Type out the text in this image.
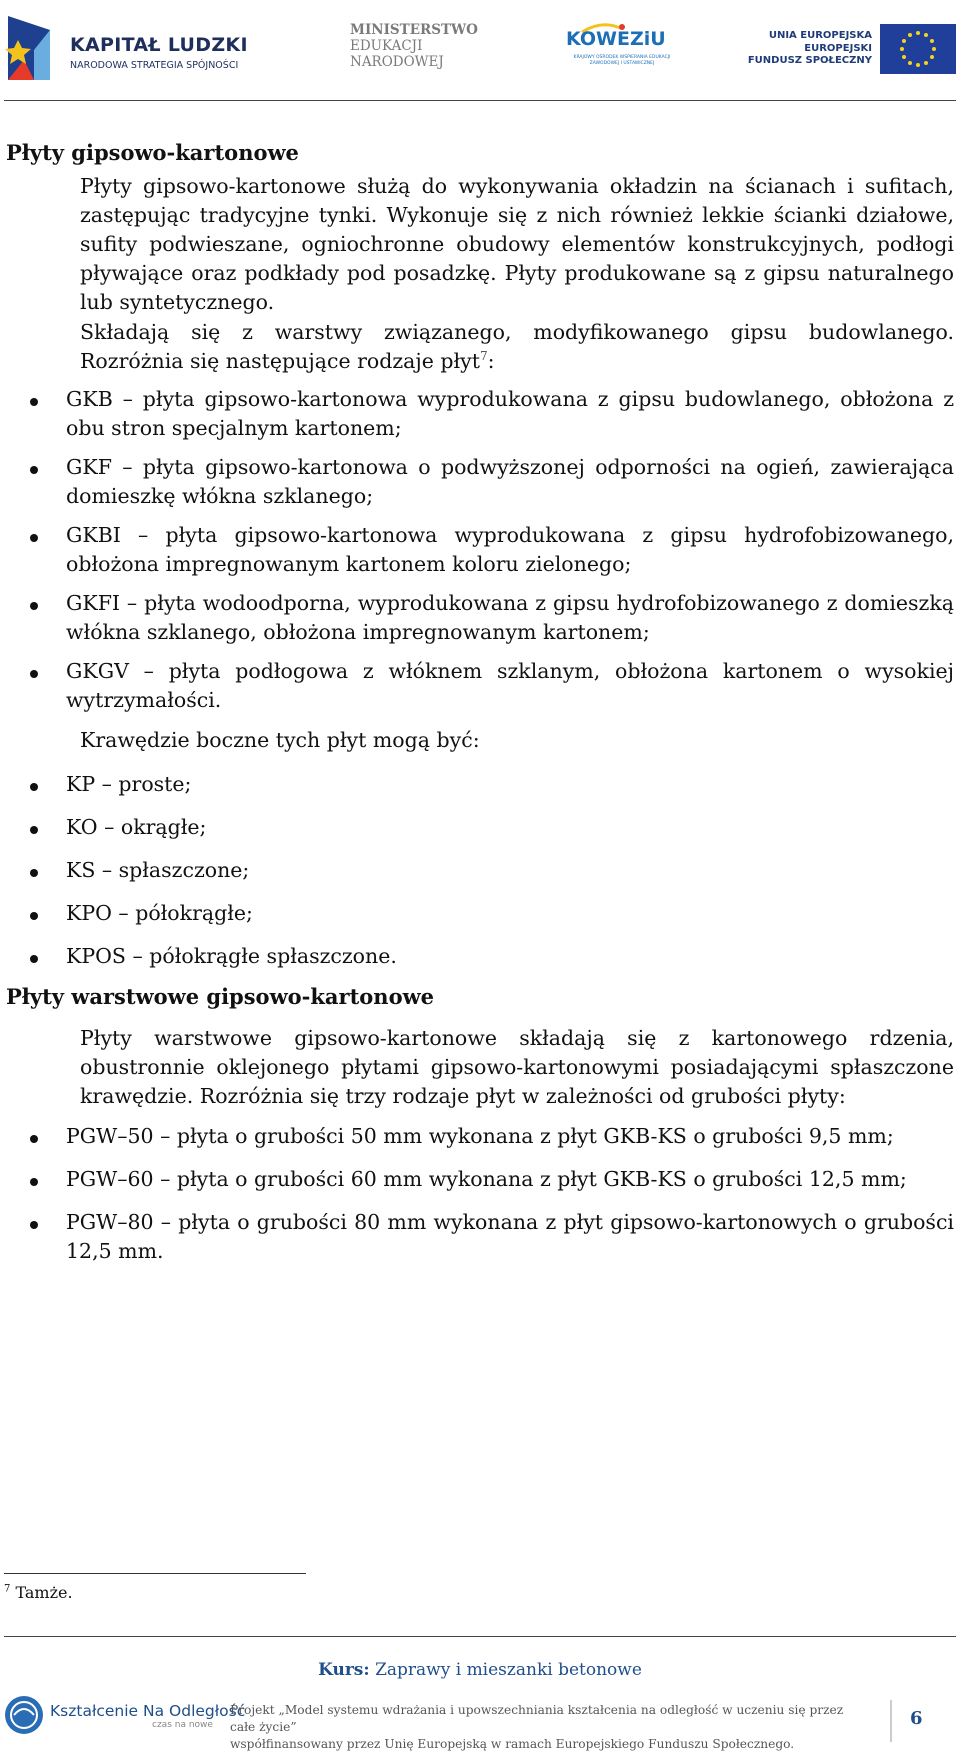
KAPITAŁ LUDZKI
NARODOWA STRATEGIA SPÓJNOŚCI
MINISTERSTWO
EDUKACJI
NARODOWEJ
KOWEZiU
KRAJOWY OŚRODEK WSPIERANIA EDUKACJI ZAWODOWEJ I USTAWICZNEJ
UNIA EUROPEJSKA
EUROPEJSKI
FUNDUSZ SPOŁECZNY
Płyty gipsowo-kartonowe

Płyty gipsowo-kartonowe służą do wykonywania okładzin na ścianach i sufitach, zastępując tradycyjne tynki. Wykonuje się z nich również lekkie ścianki działowe, sufity podwieszane, ogniochronne obudowy elementów konstrukcyjnych, podłogi pływające oraz podkłady pod posadzkę. Płyty produkowane są z gipsu naturalnego lub syntetycznego.

Składają się z warstwy związanego, modyfikowanego gipsu budowlanego. Rozróżnia się następujące rodzaje płyt$^7$:

GKB – płyta gipsowo-kartonowa wyprodukowana z gipsu budowlanego, obłożona z obu stron specjalnym kartonem;
GKF – płyta gipsowo-kartonowa o podwyższonej odporności na ogień, zawierająca domieszkę włókna szklanego;
GKBI – płyta gipsowo-kartonowa wyprodukowana z gipsu hydrofobizowanego, obłożona impregnowanym kartonem koloru zielonego;
GKFI – płyta wodoodporna, wyprodukowana z gipsu hydrofobizowanego z domieszką włókna szklanego, obłożona impregnowanym kartonem;
GKGV – płyta podłogowa z włóknem szklanym, obłożona kartonem o wysokiej wytrzymałości.
Krawędzie boczne tych płyt mogą być:
KP – proste;
KO – okrągłe;
KS – spłaszczone;
KPO – półokrągłe;
KPOS – półokrągłe spłaszczone.
Płyty warstwowe gipsowo-kartonowe

Płyty warstwowe gipsowo-kartonowe składają się z kartonowego rdzenia, obustronnie oklejonego płytami gipsowo-kartonowymi posiadającymi spłaszczone krawędzie. Rozróżnia się trzy rodzaje płyt w zależności od grubości płyty:

PGW–50 – płyta o grubości 50 mm wykonana z płyt GKB-KS o grubości 9,5 mm;
PGW–60 – płyta o grubości 60 mm wykonana z płyt GKB-KS o grubości 12,5 mm;
PGW–80 – płyta o grubości 80 mm wykonana z płyt gipsowo-kartonowych o grubości 12,5 mm.
$^7$ Tamże.
Kurs: Zaprawy i mieszanki betonowe
Kształcenie Na Odległość
czas na nowe
Projekt „Model systemu wdrażania i upowszechniania kształcenia na odległość w uczeniu się przez całe życie”
współfinansowany przez Unię Europejską w ramach Europejskiego Funduszu Społecznego.
6
